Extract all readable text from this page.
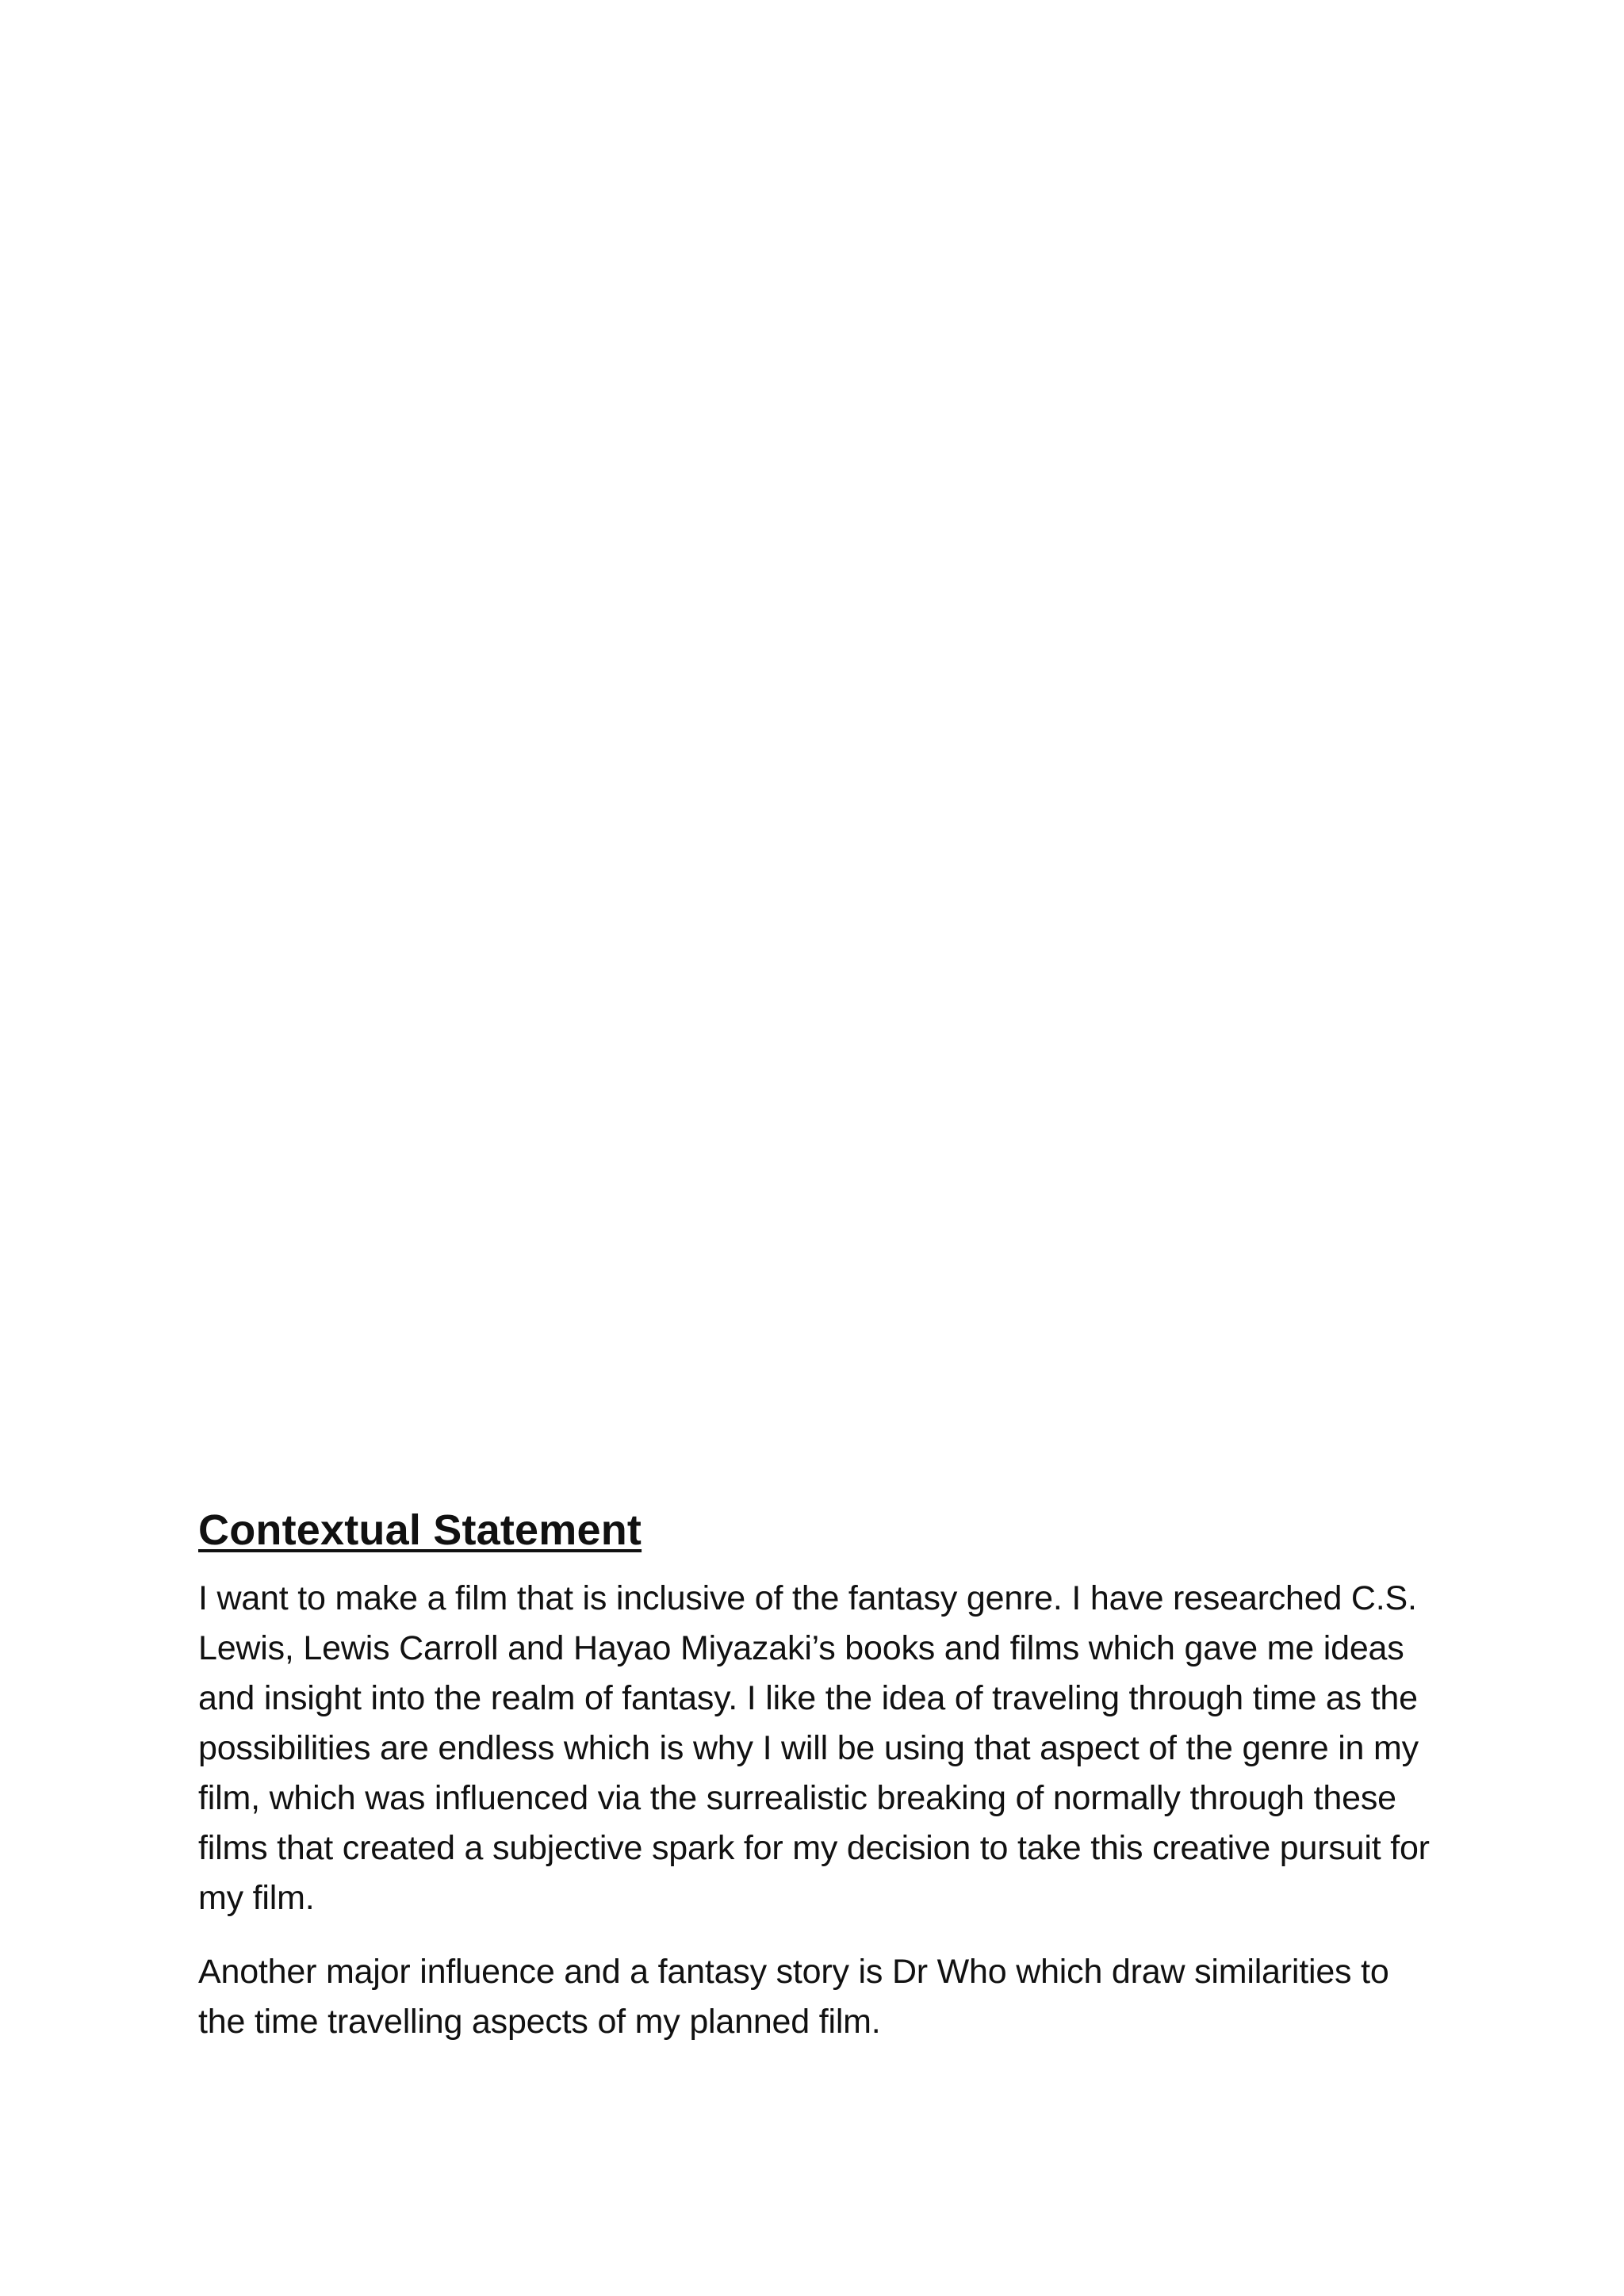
Contextual Statement

I want to make a film that is inclusive of the fantasy genre. I have researched C.S. Lewis, Lewis Carroll and Hayao Miyazaki’s books and films which gave me ideas and insight into the realm of fantasy. I like the idea of traveling through time as the possibilities are endless which is why I will be using that aspect of the genre in my film, which was influenced via the surrealistic breaking of normally through these films that created a subjective spark for my decision to take this creative pursuit for my film.

Another major influence and a fantasy story is Dr Who which draw similarities to the time travelling aspects of my planned film.
